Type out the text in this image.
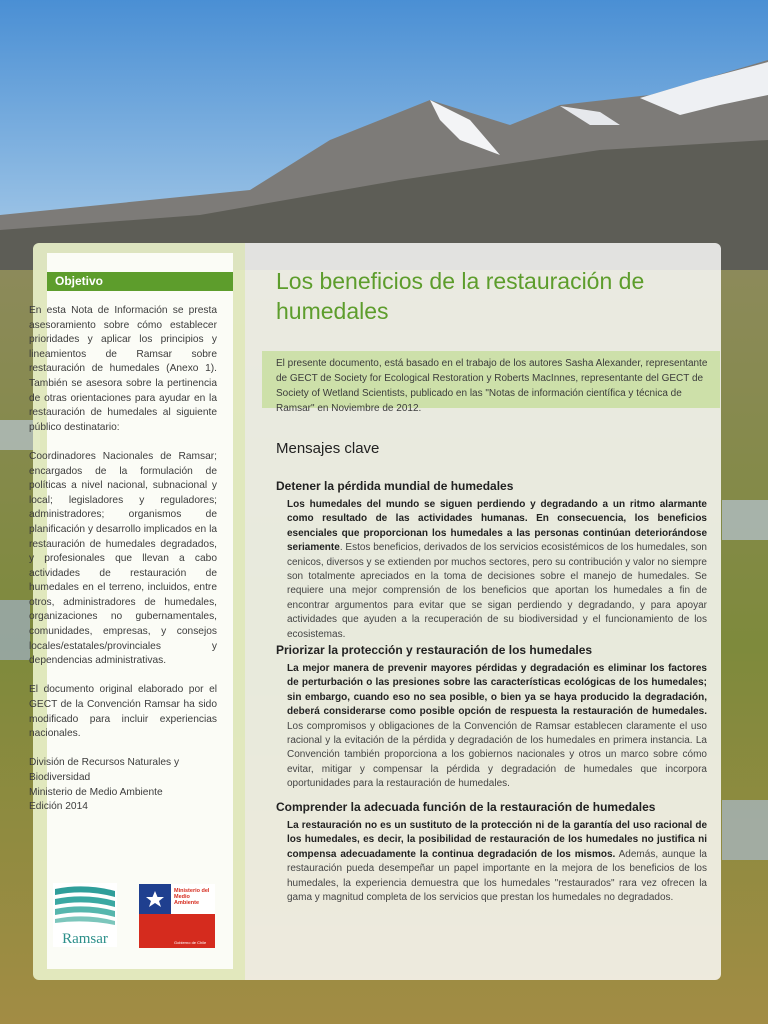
Objetivo

En esta Nota de Información se presta asesoramiento sobre cómo establecer prioridades y aplicar los principios y lineamientos de Ramsar sobre restauración de humedales (Anexo 1). También se asesora sobre la pertinencia de otras orientaciones para ayudar en la restauración de humedales al siguiente público destinatario:

Coordinadores Nacionales de Ramsar; encargados de la formulación de políticas a nivel nacional, subnacional y local; legisladores y reguladores; administradores; organismos de planificación y desarrollo implicados en la restauración de humedales degradados, y profesionales que llevan a cabo actividades de restauración de humedales en el terreno, incluidos, entre otros, administradores de humedales, organizaciones no gubernamentales, comunidades, empresas, y consejos locales/estatales/provinciales y dependencias administrativas.

El documento original elaborado por el GECT de la Convención Ramsar ha sido modificado para incluir experiencias nacionales.

División de Recursos Naturales y Biodiversidad
Ministerio de Medio Ambiente
Edición 2014
Ramsar
Ministerio del
Medio
Ambiente
Gobierno de Chile
Los beneficios de la restauración de
humedales
El presente documento, está basado en el trabajo de los autores Sasha Alexander, representante de GECT de Society for Ecological Restoration y Roberts MacInnes, representante del GECT de Society of Wetland Scientists, publicado en las "Notas de información científica y técnica de Ramsar" en Noviembre de 2012.
Mensajes clave
Detener la pérdida mundial de humedales
Los humedales del mundo se siguen perdiendo y degradando a un ritmo alarmante como resultado de las actividades humanas. En consecuencia, los beneficios esenciales que proporcionan los humedales a las personas continúan deteriorándose seriamente. Estos beneficios, derivados de los servicios ecosistémicos de los humedales, son cenicos, diversos y se extienden por muchos sectores, pero su contribución y valor no siempre son totalmente apreciados en la toma de decisiones sobre el manejo de humedales. Se requiere una mejor comprensión de los beneficios que aportan los humedales a fin de encontrar argumentos para evitar que se sigan perdiendo y degradando, y para apoyar actividades que ayuden a la recuperación de su biodiversidad y el funcionamiento de los ecosistemas.
Priorizar la protección y restauración de los humedales
La mejor manera de prevenir mayores pérdidas y degradación es eliminar los factores de perturbación o las presiones sobre las características ecológicas de los humedales; sin embargo, cuando eso no sea posible, o bien ya se haya producido la degradación, deberá considerarse como posible opción de respuesta la restauración de humedales. Los compromisos y obligaciones de la Convención de Ramsar establecen claramente el uso racional y la evitación de la pérdida y degradación de los humedales en primera instancia. La Convención también proporciona a los gobiernos nacionales y otros un marco sobre cómo evitar, mitigar y compensar la pérdida y degradación de humedales que incorpora oportunidades para la restauración de humedales.
Comprender la adecuada función de la restauración de humedales
La restauración no es un sustituto de la protección ni de la garantía del uso racional de los humedales, es decir, la posibilidad de restauración de los humedales no justifica ni compensa adecuadamente la continua degradación de los mismos. Además, aunque la restauración pueda desempeñar un papel importante en la mejora de los beneficios de los humedales, la experiencia demuestra que los humedales "restaurados" rara vez ofrecen la gama y magnitud completa de los servicios que prestan los humedales no degradados.
